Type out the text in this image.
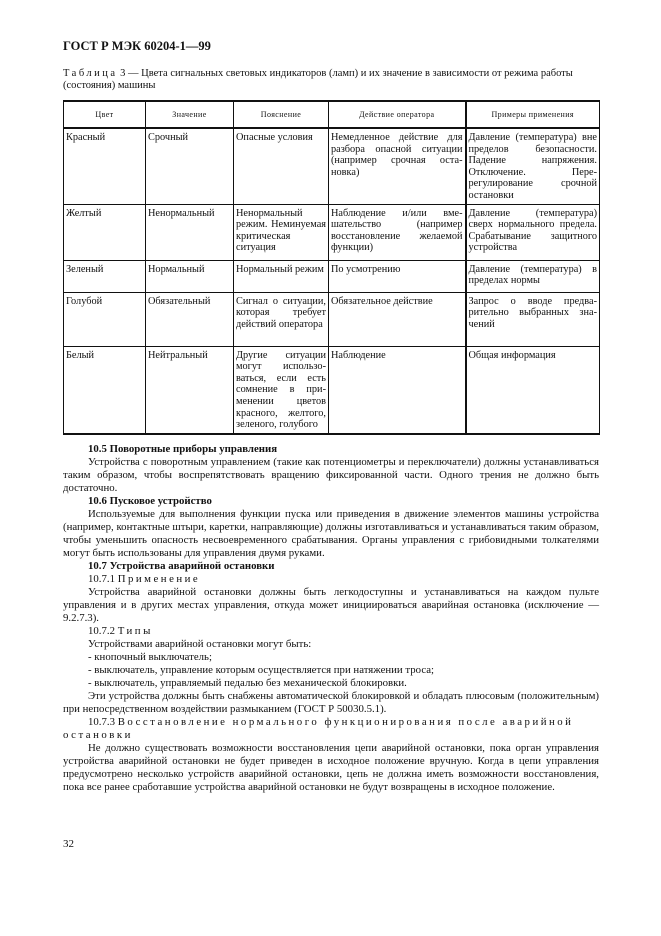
ГОСТ Р МЭК 60204-1—99
Таблица 3 — Цвета сигнальных световых индикаторов (ламп) и их значение в зависимости от режима работы (состояния) машины
Цвет	Значение	Пояснение	Действие оператора	Примеры применения
Красный	Срочный	Опасные условия	Немедленное действие для разбора опасной ситуации (например срочная остановка)	Давление (температура) вне пределов безопасности. Падение напряжения. Отключение. Перерегулирование срочной остановки
Желтый	Ненормальный	Ненормальный режим. Неминуемая критическая ситуация	Наблюдение и/или вмешательство (например восстановление желаемой функции)	Давление (температура) сверх нормального предела. Срабатывание защитного устройства
Зеленый	Нормальный	Нормальный режим	По усмотрению	Давление (температура) в пределах нормы
Голубой	Обязательный	Сигнал о ситуации, которая требует действий оператора	Обязательное действие	Запрос о вводе предварительно выбранных значений
Белый	Нейтральный	Другие ситуации могут использоваться, если есть сомнение в применении цветов красного, желтого, зеленого, голубого	Наблюдение	Общая информация

10.5 Поворотные приборы управления

Устройства с поворотным управлением (такие как потенциометры и переключатели) должны устанавливаться таким образом, чтобы воспрепятствовать вращению фиксированной части. Одного трения не должно быть достаточно.

10.6 Пусковое устройство

Используемые для выполнения функции пуска или приведения в движение элементов машины устройства (например, контактные штыри, каретки, направляющие) должны изготавливаться и устанавливаться таким образом, чтобы уменьшить опасность несвоевременного срабатывания. Органы управления с грибовидными толкателями могут быть использованы для управления двумя руками.

10.7 Устройства аварийной остановки

10.7.1 Применение

Устройства аварийной остановки должны быть легкодоступны и устанавливаться на каждом пульте управления и в других местах управления, откуда может инициироваться аварийная остановка (исключение — 9.2.7.3).

10.7.2 Типы

Устройствами аварийной остановки могут быть:

- кнопочный выключатель;

- выключатель, управление которым осуществляется при натяжении троса;

- выключатель, управляемый педалью без механической блокировки.

Эти устройства должны быть снабжены автоматической блокировкой и обладать плюсовым (положительным) при непосредственном воздействии размыканием (ГОСТ Р 50030.5.1).

10.7.3 Восстановление нормального функционирования после аварийной остановки

Не должно существовать возможности восстановления цепи аварийной остановки, пока орган управления устройства аварийной остановки не будет приведен в исходное положение вручную. Когда в цепи управления предусмотрено несколько устройств аварийной остановки, цепь не должна иметь возможности восстановления, пока все ранее сработавшие устройства аварийной остановки не будут возвращены в исходное положение.

32
